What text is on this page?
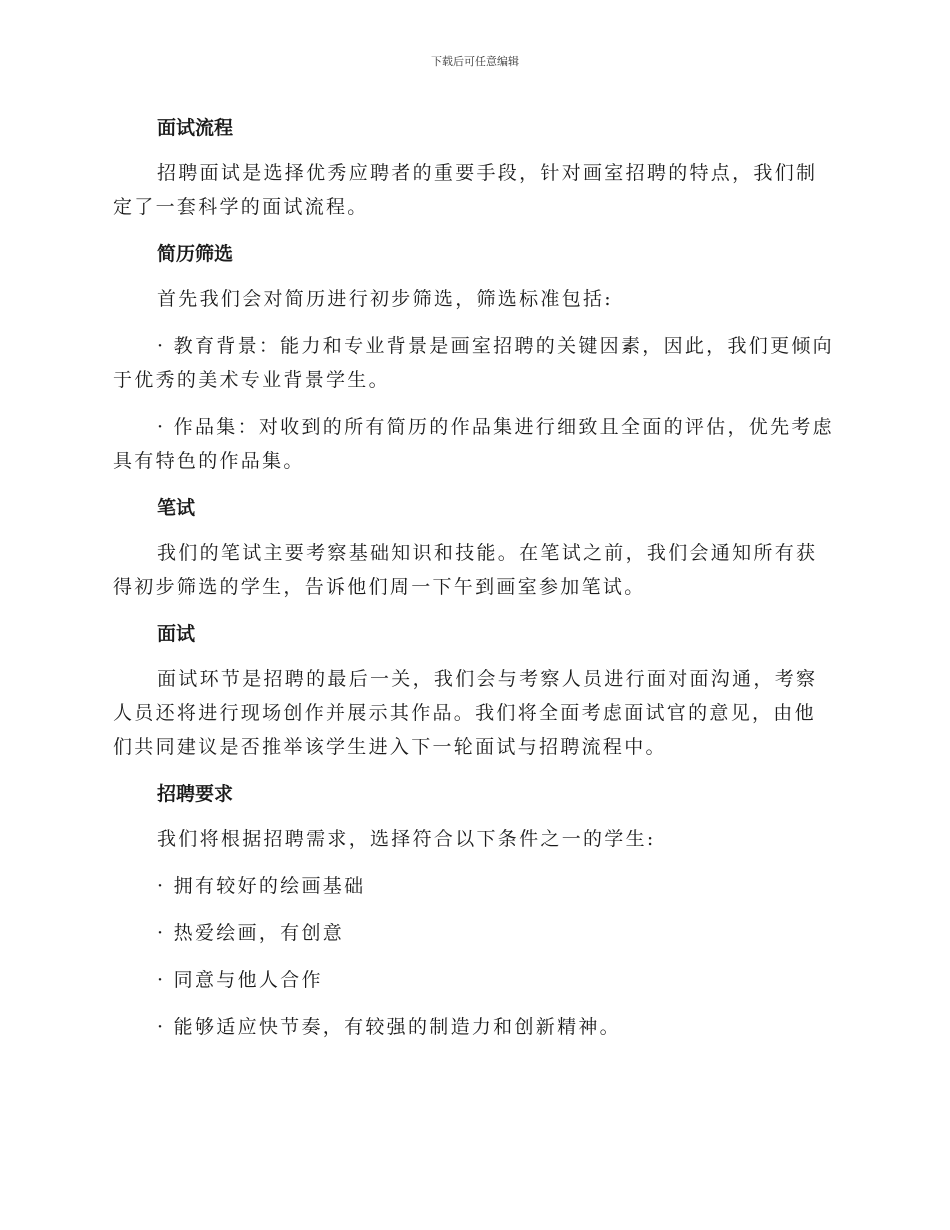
下载后可任意编辑
面试流程

招聘面试是选择优秀应聘者的重要手段，针对画室招聘的特点，我们制定了一套科学的面试流程。

简历筛选

首先我们会对简历进行初步筛选，筛选标准包括:

· 教育背景：能力和专业背景是画室招聘的关键因素，因此，我们更倾向于优秀的美术专业背景学生。

· 作品集：对收到的所有简历的作品集进行细致且全面的评估，优先考虑具有特色的作品集。

笔试

我们的笔试主要考察基础知识和技能。在笔试之前，我们会通知所有获得初步筛选的学生，告诉他们周一下午到画室参加笔试。

面试

面试环节是招聘的最后一关，我们会与考察人员进行面对面沟通，考察人员还将进行现场创作并展示其作品。我们将全面考虑面试官的意见，由他们共同建议是否推举该学生进入下一轮面试与招聘流程中。

招聘要求

我们将根据招聘需求，选择符合以下条件之一的学生:

· 拥有较好的绘画基础

· 热爱绘画，有创意

· 同意与他人合作

· 能够适应快节奏，有较强的制造力和创新精神。
